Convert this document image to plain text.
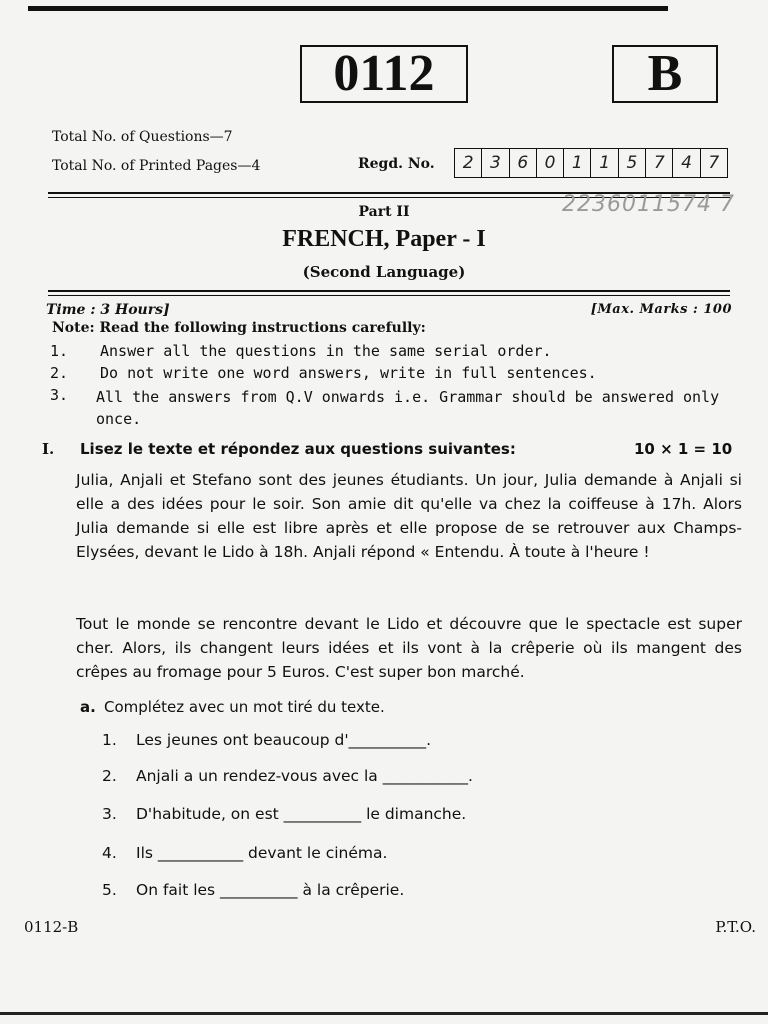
0112	B
Total No. of Questions—7
Total No. of Printed Pages—4	Regd. No.	2 3 6 0 1 1 5 7 4 7
2236011574 7
Part II
FRENCH, Paper - I
(Second Language)
Time : 3 Hours]	[Max. Marks : 100
Note: Read the following instructions carefully:
1. Answer all the questions in the same serial order.
2. Do not write one word answers, write in full sentences.
3. All the answers from Q.V onwards i.e. Grammar should be answered only once.
I. Lisez le texte et répondez aux questions suivantes:	10 × 1 = 10
Julia, Anjali et Stefano sont des jeunes étudiants. Un jour, Julia demande à Anjali si elle a des idées pour le soir. Son amie dit qu'elle va chez la coiffeuse à 17h. Alors Julia demande si elle est libre après et elle propose de se retrouver aux Champs-Elysées, devant le Lido à 18h. Anjali répond « Entendu. À toute à l'heure !
Tout le monde se rencontre devant le Lido et découvre que le spectacle est super cher. Alors, ils changent leurs idées et ils vont à la crêperie où ils mangent des crêpes au fromage pour 5 Euros. C'est super bon marché.
a. Complétez avec un mot tiré du texte.
1. Les jeunes ont beaucoup d'__________.
2. Anjali a un rendez-vous avec la ___________.
3. D'habitude, on est __________ le dimanche.
4. Ils ___________ devant le cinéma.
5. On fait les __________ à la crêperie.
0112-B	P.T.O.
